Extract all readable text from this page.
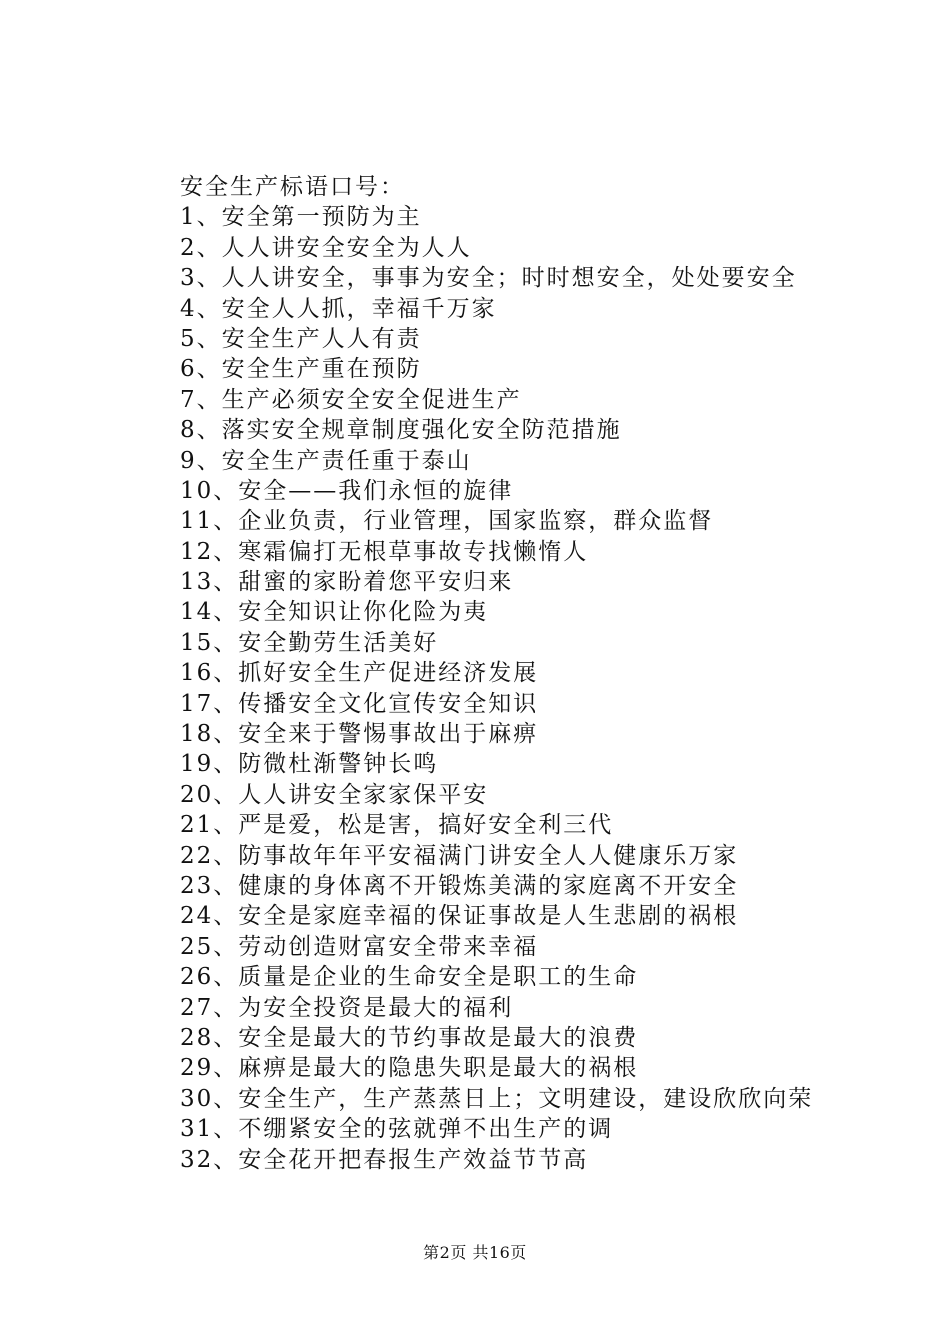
安全生产标语口号：
1、安全第一预防为主
2、人人讲安全安全为人人
3、人人讲安全，事事为安全；时时想安全，处处要安全
4、安全人人抓，幸福千万家
5、安全生产人人有责
6、安全生产重在预防
7、生产必须安全安全促进生产
8、落实安全规章制度强化安全防范措施
9、安全生产责任重于泰山
10、安全——我们永恒的旋律
11、企业负责，行业管理，国家监察，群众监督
12、寒霜偏打无根草事故专找懒惰人
13、甜蜜的家盼着您平安归来
14、安全知识让你化险为夷
15、安全勤劳生活美好
16、抓好安全生产促进经济发展
17、传播安全文化宣传安全知识
18、安全来于警惕事故出于麻痹
19、防微杜渐警钟长鸣
20、人人讲安全家家保平安
21、严是爱，松是害，搞好安全利三代
22、防事故年年平安福满门讲安全人人健康乐万家
23、健康的身体离不开锻炼美满的家庭离不开安全
24、安全是家庭幸福的保证事故是人生悲剧的祸根
25、劳动创造财富安全带来幸福
26、质量是企业的生命安全是职工的生命
27、为安全投资是最大的福利
28、安全是最大的节约事故是最大的浪费
29、麻痹是最大的隐患失职是最大的祸根
30、安全生产，生产蒸蒸日上；文明建设，建设欣欣向荣
31、不绷紧安全的弦就弹不出生产的调
32、安全花开把春报生产效益节节高
第2页 共16页
